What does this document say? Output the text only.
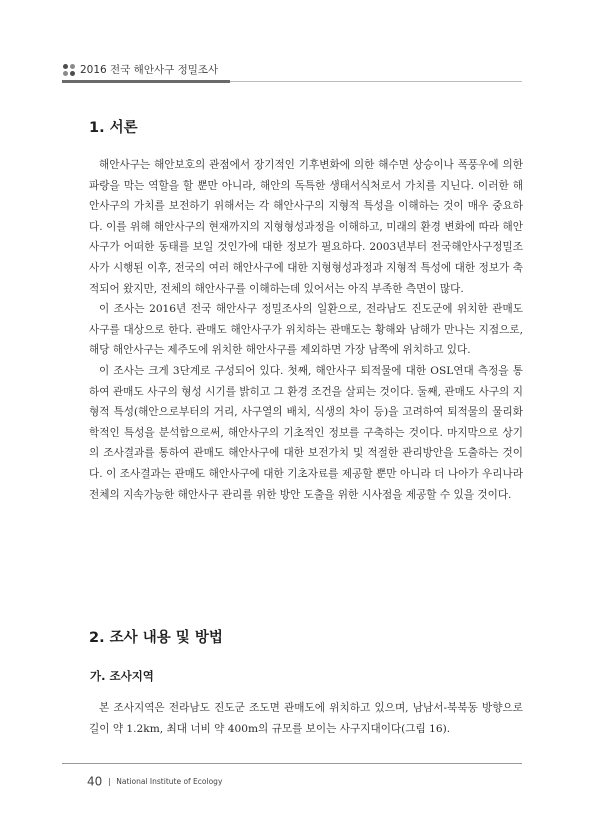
2016 전국 해안사구 정밀조사
1. 서론

해안사구는 해안보호의 관점에서 장기적인 기후변화에 의한 해수면 상승이나 폭풍우에 의한 파랑을 막는 역할을 할 뿐만 아니라, 해안의 독특한 생태서식처로서 가치를 지닌다. 이러한 해안사구의 가치를 보전하기 위해서는 각 해안사구의 지형적 특성을 이해하는 것이 매우 중요하다. 이를 위해 해안사구의 현재까지의 지형형성과정을 이해하고, 미래의 환경 변화에 따라 해안사구가 어떠한 동태를 보일 것인가에 대한 정보가 필요하다. 2003년부터 전국해안사구정밀조사가 시행된 이후, 전국의 여러 해안사구에 대한 지형형성과정과 지형적 특성에 대한 정보가 축적되어 왔지만, 전체의 해안사구를 이해하는데 있어서는 아직 부족한 측면이 많다.

이 조사는 2016년 전국 해안사구 정밀조사의 일환으로, 전라남도 진도군에 위치한 관매도 사구를 대상으로 한다. 관매도 해안사구가 위치하는 관매도는 황해와 남해가 만나는 지점으로, 해당 해안사구는 제주도에 위치한 해안사구를 제외하면 가장 남쪽에 위치하고 있다.

이 조사는 크게 3단계로 구성되어 있다. 첫째, 해안사구 퇴적물에 대한 OSL연대 측정을 통하여 관매도 사구의 형성 시기를 밝히고 그 환경 조건을 살피는 것이다. 둘째, 관매도 사구의 지형적 특성(해안으로부터의 거리, 사구열의 배치, 식생의 차이 등)을 고려하여 퇴적물의 물리화학적인 특성을 분석함으로써, 해안사구의 기초적인 정보를 구축하는 것이다. 마지막으로 상기의 조사결과를 통하여 관매도 해안사구에 대한 보전가치 및 적절한 관리방안을 도출하는 것이다. 이 조사결과는 관매도 해안사구에 대한 기초자료를 제공할 뿐만 아니라 더 나아가 우리나라 전체의 지속가능한 해안사구 관리를 위한 방안 도출을 위한 시사점을 제공할 수 있을 것이다.

2. 조사 내용 및 방법
가. 조사지역

본 조사지역은 전라남도 진도군 조도면 관매도에 위치하고 있으며, 남남서-북북동 방향으로 길이 약 1.2km, 최대 너비 약 400m의 규모를 보이는 사구지대이다(그림 16).

40 National Institute of Ecology
